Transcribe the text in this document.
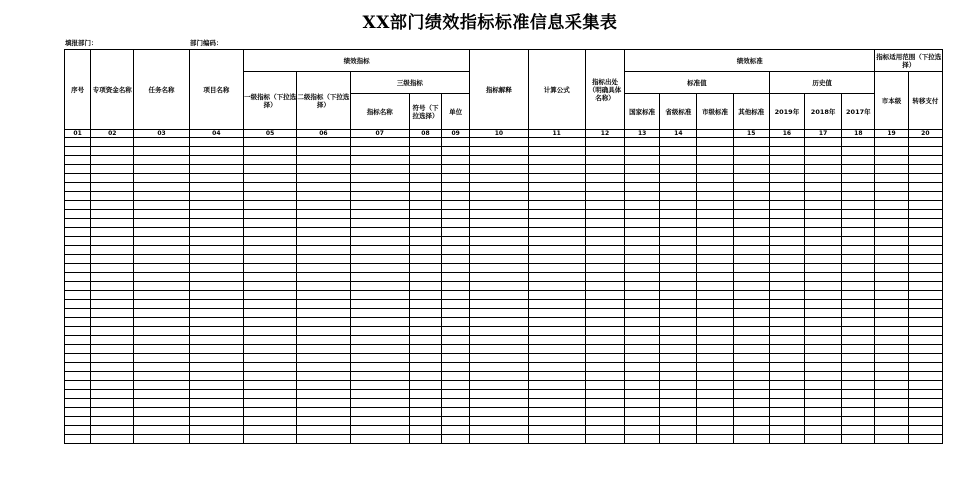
XX部门绩效指标标准信息采集表
填报部门：	部门编码：
序号	专项资金名称	任务名称	项目名称	绩效指标					指标解释	计算公式	指标出处（明确具体名称）	绩效标准							指标适用范围（下拉选择）	
				一级指标（下拉选择）	二级指标（下拉选择）	三级指标						标准值				历史值			市本级	转移支付
						指标名称	符号（下拉选择）	单位				国家标准	省级标准	市级标准	其他标准	2019年	2018年	2017年		
01	02	03	04	05	06	07	08	09	10	11	12	13	14		15	16	17	18	19	20
